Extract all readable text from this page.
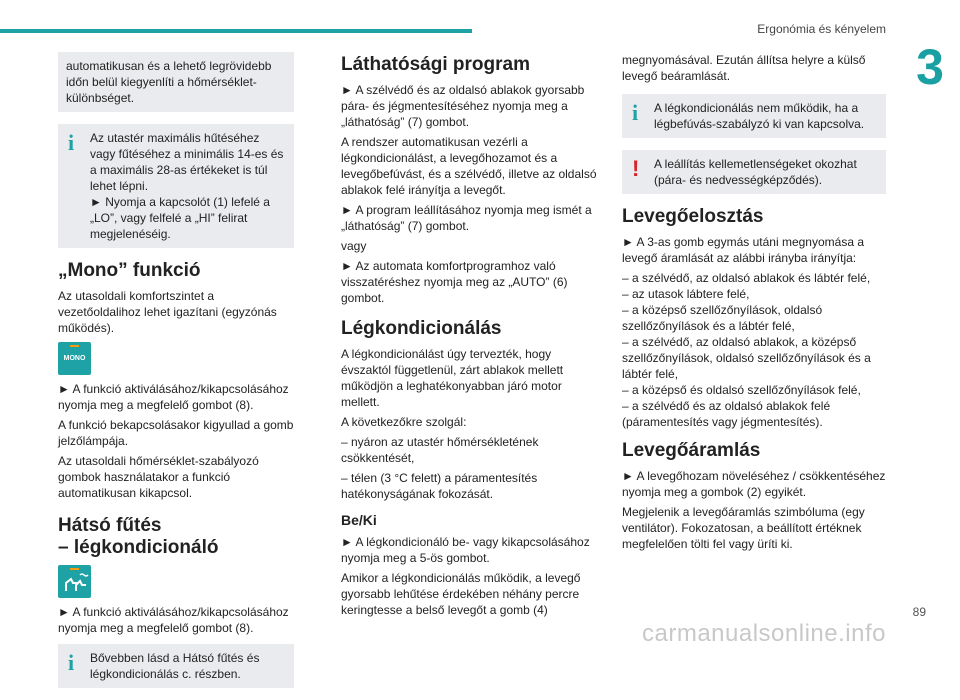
Ergonómia és kényelem
3

automatikusan és a lehető legrövidebb időn belül kiegyenlíti a hőmérséklet-különbséget.

i Az utastér maximális hűtéséhez vagy fűtéséhez a minimális 14-es és a maximális 28-as értékeket is túl lehet lépni.

► Nyomja a kapcsolót (1) lefelé a „LO”, vagy felfelé a „HI” felirat megjelenéséig.

„Mono” funkció

Az utasoldali komfortszintet a vezetőoldalihoz lehet igazítani (egyzónás működés).

MONO

► A funkció aktiválásához/kikapcsolásához nyomja meg a megfelelő gombot (8).

A funkció bekapcsolásakor kigyullad a gomb jelzőlámpája.

Az utasoldali hőmérséklet-szabályozó gombok használatakor a funkció automatikusan kikapcsol.

Hátsó fűtés
– légkondicionáló

► A funkció aktiválásához/kikapcsolásához nyomja meg a megfelelő gombot (8).

i Bővebben lásd a Hátsó fűtés és légkondicionálás c. részben.

Láthatósági program

► A szélvédő és az oldalsó ablakok gyorsabb pára- és jégmentesítéséhez nyomja meg a „láthatóság” (7) gombot.

A rendszer automatikusan vezérli a légkondicionálást, a levegőhozamot és a levegőbefúvást, és a szélvédő, illetve az oldalsó ablakok felé irányítja a levegőt.

► A program leállításához nyomja meg ismét a „láthatóság” (7) gombot.

vagy

► Az automata komfortprogramhoz való visszatéréshez nyomja meg az „AUTO” (6) gombot.

Légkondicionálás

A légkondicionálást úgy tervezték, hogy évszaktól függetlenül, zárt ablakok mellett működjön a leghatékonyabban járó motor mellett.

A következőkre szolgál:

– nyáron az utastér hőmérsékletének csökkentését,

– télen (3 °C felett) a páramentesítés hatékonyságának fokozását.

Be/Ki

► A légkondicionáló be- vagy kikapcsolásához nyomja meg a 5-ös gombot.

Amikor a légkondicionálás működik, a levegő gyorsabb lehűtése érdekében néhány percre keringtesse a belső levegőt a gomb (4)

megnyomásával. Ezután állítsa helyre a külső levegő beáramlását.

i A légkondicionálás nem működik, ha a légbefúvás-szabályzó ki van kapcsolva.

! A leállítás kellemetlenségeket okozhat (pára- és nedvességképződés).

Levegőelosztás

► A 3-as gomb egymás utáni megnyomása a levegő áramlását az alábbi irányba irányítja:

– a szélvédő, az oldalsó ablakok és lábtér felé,

– az utasok lábtere felé,

– a középső szellőzőnyílások, oldalsó szellőzőnyílások és a lábtér felé,

– a szélvédő, az oldalsó ablakok, a középső szellőzőnyílások, oldalsó szellőzőnyílások és a lábtér felé,

– a középső és oldalsó szellőzőnyílások felé,

– a szélvédő és az oldalsó ablakok felé (páramentesítés vagy jégmentesítés).

Levegőáramlás

► A levegőhozam növeléséhez / csökkentéséhez nyomja meg a gombok (2) egyikét.

Megjelenik a levegőáramlás szimbóluma (egy ventilátor). Fokozatosan, a beállított értéknek megfelelően tölti fel vagy üríti ki.

89
carmanualsonline.info
